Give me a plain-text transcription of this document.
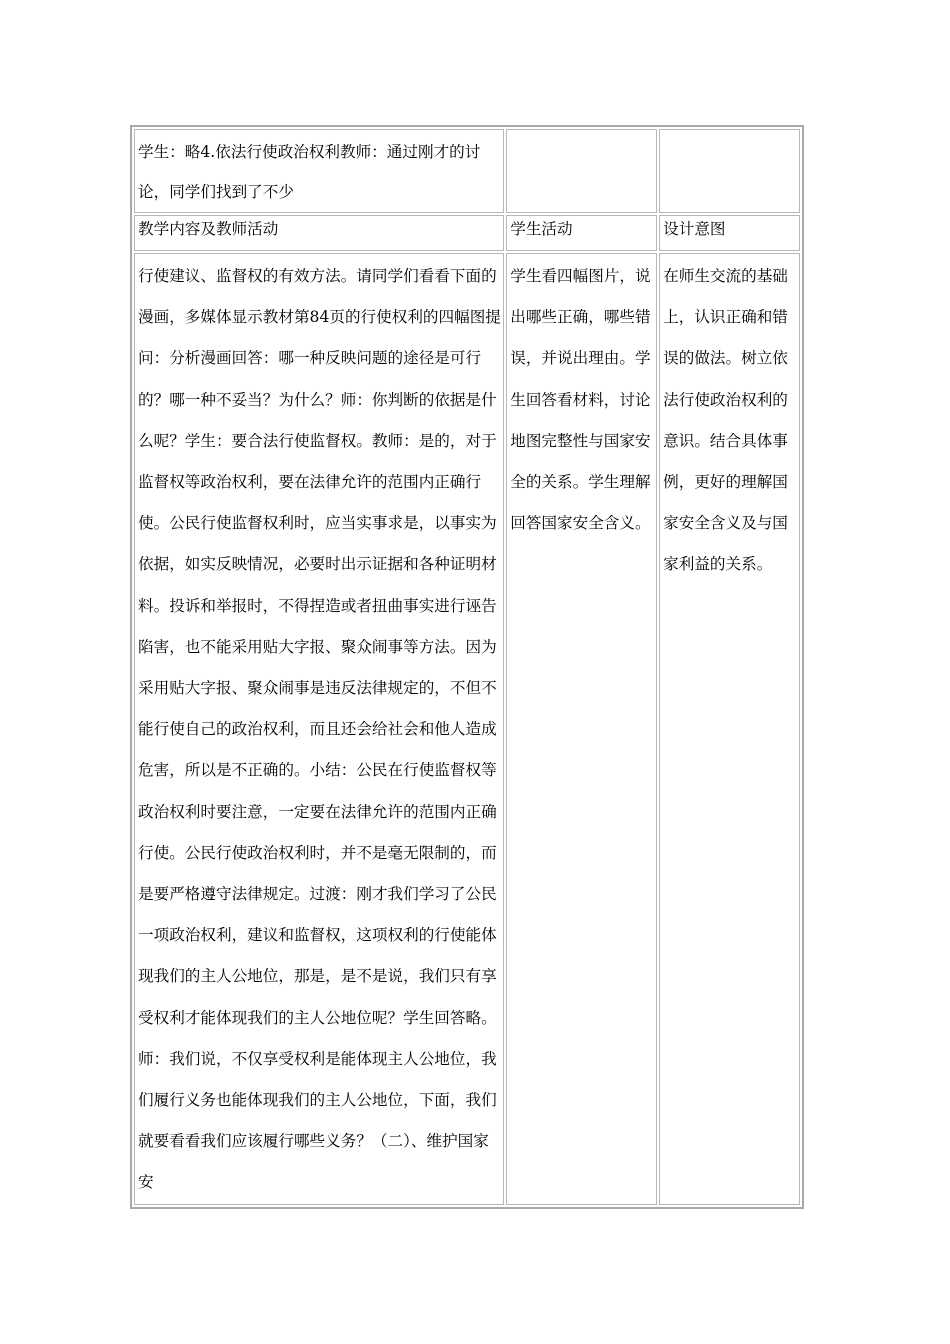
学生：略4.依法行使政治权利教师：通过刚才的讨论，同学们找到了不少		
教学内容及教师活动	学生活动	设计意图
行使建议、监督权的有效方法。请同学们看看下面的漫画，多媒体显示教材第84页的行使权利的四幅图提问：分析漫画回答：哪一种反映问题的途径是可行的？哪一种不妥当？为什么？师：你判断的依据是什么呢？学生：要合法行使监督权。教师：是的，对于监督权等政治权利，要在法律允许的范围内正确行使。公民行使监督权利时，应当实事求是，以事实为依据，如实反映情况，必要时出示证据和各种证明材料。投诉和举报时，不得捏造或者扭曲事实进行诬告陷害，也不能采用贴大字报、聚众闹事等方法。因为采用贴大字报、聚众闹事是违反法律规定的，不但不能行使自己的政治权利，而且还会给社会和他人造成危害，所以是不正确的。小结：公民在行使监督权等政治权利时要注意，一定要在法律允许的范围内正确行使。公民行使政治权利时，并不是毫无限制的，而是要严格遵守法律规定。过渡：刚才我们学习了公民一项政治权利，建议和监督权，这项权利的行使能体现我们的主人公地位，那是，是不是说，我们只有享受权利才能体现我们的主人公地位呢？学生回答略。师：我们说，不仅享受权利是能体现主人公地位，我们履行义务也能体现我们的主人公地位，下面，我们就要看看我们应该履行哪些义务？（二）、维护国家安	学生看四幅图片，说出哪些正确，哪些错误，并说出理由。学生回答看材料，讨论地图完整性与国家安全的关系。学生理解回答国家安全含义。	在师生交流的基础上，认识正确和错误的做法。树立依法行使政治权利的意识。结合具体事例，更好的理解国家安全含义及与国家利益的关系。
